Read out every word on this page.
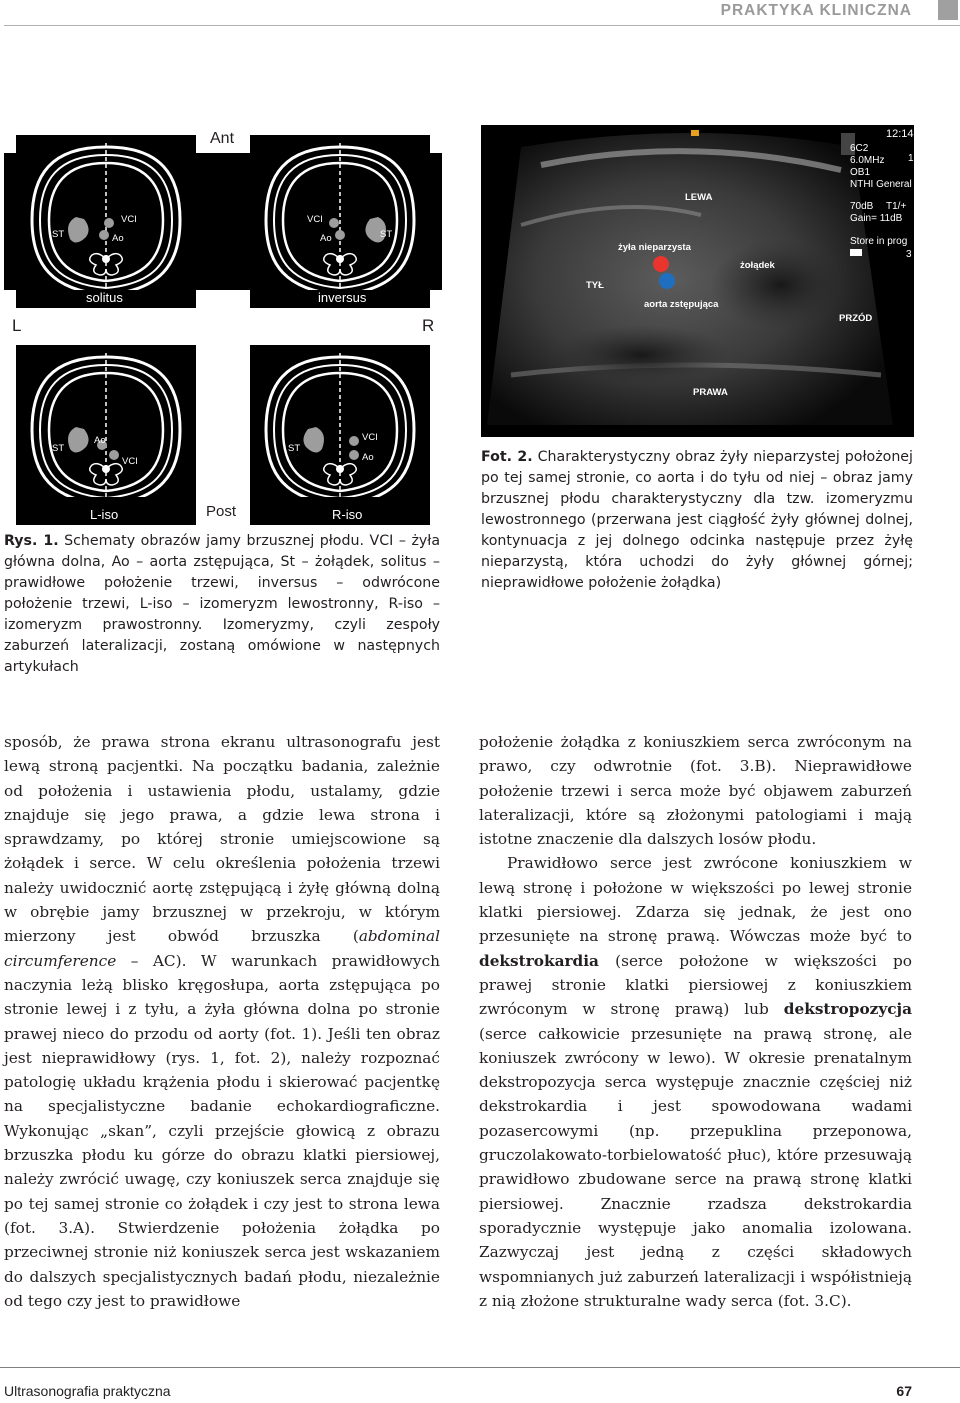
PRAKTYKA KLINICZNA
Ant
L	R
Post
ST
VCI
Ao
solitus
ST
VCI
Ao
inversus
ST
Ao
VCI
L-iso
ST
VCI
Ao
R-iso
12:14
6C2
6.0MHz
OB1
NTHI General
1
70dB T1/+
Gain= 11dB
Store in prog
3
LEWA
żyła nieparzysta
żołądek
TYŁ
aorta zstępująca
PRZÓD
PRAWA
Rys. 1. Schematy obrazów jamy brzusznej płodu. VCI – żyła główna dolna, Ao – aorta zstępująca, St – żołądek, solitus – prawidłowe położenie trzewi, inversus – odwrócone położenie trzewi, L-iso – izomeryzm lewostronny, R-iso – izomeryzm prawostronny. Izomeryzmy, czyli zespoły zaburzeń lateralizacji, zostaną omówione w następnych artykułach
Fot. 2. Charakterystyczny obraz żyły nieparzystej położonej po tej samej stronie, co aorta i do tyłu od niej – obraz jamy brzusznej płodu charakterystyczny dla tzw. izomeryzmu lewostronnego (przerwana jest ciągłość żyły głównej dolnej, kontynuacja z jej dolnego odcinka następuje przez żyłę nieparzystą, która uchodzi do żyły głównej górnej; nieprawidłowe położenie żołądka)

sposób, że prawa strona ekranu ultrasonografu jest lewą stroną pacjentki. Na początku badania, zależnie od położenia i ustawienia płodu, ustalamy, gdzie znajduje się jego prawa, a gdzie lewa strona i sprawdzamy, po której stronie umiejscowione są żołądek i serce. W celu określenia położenia trzewi należy uwidocznić aortę zstępującą i żyłę główną dolną w obrębie jamy brzusznej w przekroju, w którym mierzony jest obwód brzuszka (abdominal circumference – AC). W warunkach prawidłowych naczynia leżą blisko kręgosłupa, aorta zstępująca po stronie lewej i z tyłu, a żyła główna dolna po stronie prawej nieco do przodu od aorty (fot. 1). Jeśli ten obraz jest nieprawidłowy (rys. 1, fot. 2), należy rozpoznać patologię układu krążenia płodu i skierować pacjentkę na specjalistyczne badanie echokardiograficzne. Wykonując „skan”, czyli przejście głowicą z obrazu brzuszka płodu ku górze do obrazu klatki piersiowej, należy zwrócić uwagę, czy koniuszek serca znajduje się po tej samej stronie co żołądek i czy jest to strona lewa (fot. 3.A). Stwierdzenie położenia żołądka po przeciwnej stronie niż koniuszek serca jest wskazaniem do dalszych specjalistycznych badań płodu, niezależnie od tego czy jest to prawidłowe

położenie żołądka z koniuszkiem serca zwróconym na prawo, czy odwrotnie (fot. 3.B). Nieprawidłowe położenie trzewi i serca może być objawem zaburzeń lateralizacji, które są złożonymi patologiami i mają istotne znaczenie dla dalszych losów płodu.

Prawidłowo serce jest zwrócone koniuszkiem w lewą stronę i położone w większości po lewej stronie klatki piersiowej. Zdarza się jednak, że jest ono przesunięte na stronę prawą. Wówczas może być to dekstrokardia (serce położone w większości po prawej stronie klatki piersiowej z koniuszkiem zwróconym w stronę prawą) lub dekstropozycja (serce całkowicie przesunięte na prawą stronę, ale koniuszek zwrócony w lewo). W okresie prenatalnym dekstropozycja serca występuje znacznie częściej niż dekstrokardia i jest spowodowana wadami pozasercowymi (np. przepuklina przeponowa, gruczolakowato-torbielowatość płuc), które przesuwają prawidłowo zbudowane serce na prawą stronę klatki piersiowej. Znacznie rzadsza dekstrokardia sporadycznie występuje jako anomalia izolowana. Zazwyczaj jest jedną z części składowych wspomnianych już zaburzeń lateralizacji i współistnieją z nią złożone strukturalne wady serca (fot. 3.C).

Ultrasonografia praktyczna	67
